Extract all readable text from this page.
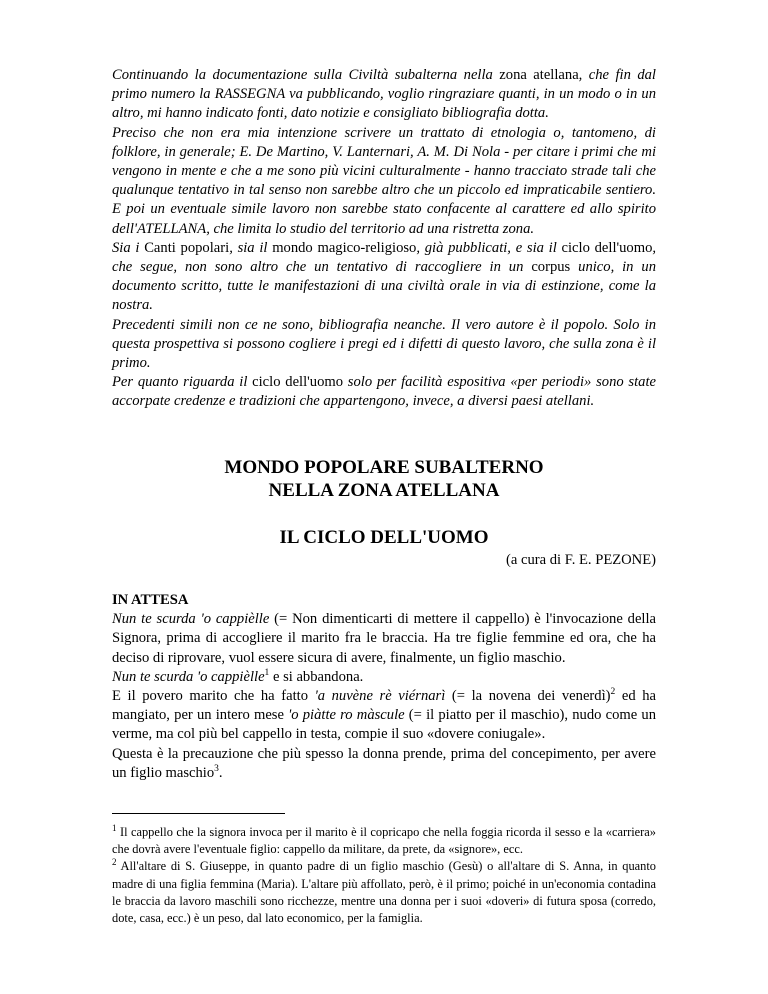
Continuando la documentazione sulla Civiltà subalterna nella zona atellana, che fin dal primo numero la RASSEGNA va pubblicando, voglio ringraziare quanti, in un modo o in un altro, mi hanno indicato fonti, dato notizie e consigliato bibliografia dotta.

Preciso che non era mia intenzione scrivere un trattato di etnologia o, tantomeno, di folklore, in generale; E. De Martino, V. Lanternari, A. M. Di Nola - per citare i primi che mi vengono in mente e che a me sono più vicini culturalmente - hanno tracciato strade tali che qualunque tentativo in tal senso non sarebbe altro che un piccolo ed impraticabile sentiero. E poi un eventuale simile lavoro non sarebbe stato confacente al carattere ed allo spirito dell'ATELLANA, che limita lo studio del territorio ad una ristretta zona.

Sia i Canti popolari, sia il mondo magico-religioso, già pubblicati, e sia il ciclo dell'uomo, che segue, non sono altro che un tentativo di raccogliere in un corpus unico, in un documento scritto, tutte le manifestazioni di una civiltà orale in via di estinzione, come la nostra.

Precedenti simili non ce ne sono, bibliografia neanche. Il vero autore è il popolo. Solo in questa prospettiva si possono cogliere i pregi ed i difetti di questo lavoro, che sulla zona è il primo.

Per quanto riguarda il ciclo dell'uomo solo per facilità espositiva «per periodi» sono state accorpate credenze e tradizioni che appartengono, invece, a diversi paesi atellani.

MONDO POPOLARE SUBALTERNO
NELLA ZONA ATELLANA
IL CICLO DELL'UOMO
(a cura di F. E. PEZONE)

IN ATTESA

Nun te scurda 'o cappièlle (= Non dimenticarti di mettere il cappello) è l'invocazione della Signora, prima di accogliere il marito fra le braccia. Ha tre figlie femmine ed ora, che ha deciso di riprovare, vuol essere sicura di avere, finalmente, un figlio maschio.

Nun te scurda 'o cappièlle$^1$ e si abbandona.

E il povero marito che ha fatto 'a nuvène rè viérnarì (= la novena dei venerdì)$^2$ ed ha mangiato, per un intero mese 'o piàtte ro màscule (= il piatto per il maschio), nudo come un verme, ma col più bel cappello in testa, compie il suo «dovere coniugale».

Questa è la precauzione che più spesso la donna prende, prima del concepimento, per avere un figlio maschio$^3$.

$^1$ Il cappello che la signora invoca per il marito è il copricapo che nella foggia ricorda il sesso e la «carriera» che dovrà avere l'eventuale figlio: cappello da militare, da prete, da «signore», ecc.

$^2$ All'altare di S. Giuseppe, in quanto padre di un figlio maschio (Gesù) o all'altare di S. Anna, in quanto madre di una figlia femmina (Maria). L'altare più affollato, però, è il primo; poiché in un'economia contadina le braccia da lavoro maschili sono ricchezze, mentre una donna per i suoi «doveri» di futura sposa (corredo, dote, casa, ecc.) è un peso, dal lato economico, per la famiglia.
